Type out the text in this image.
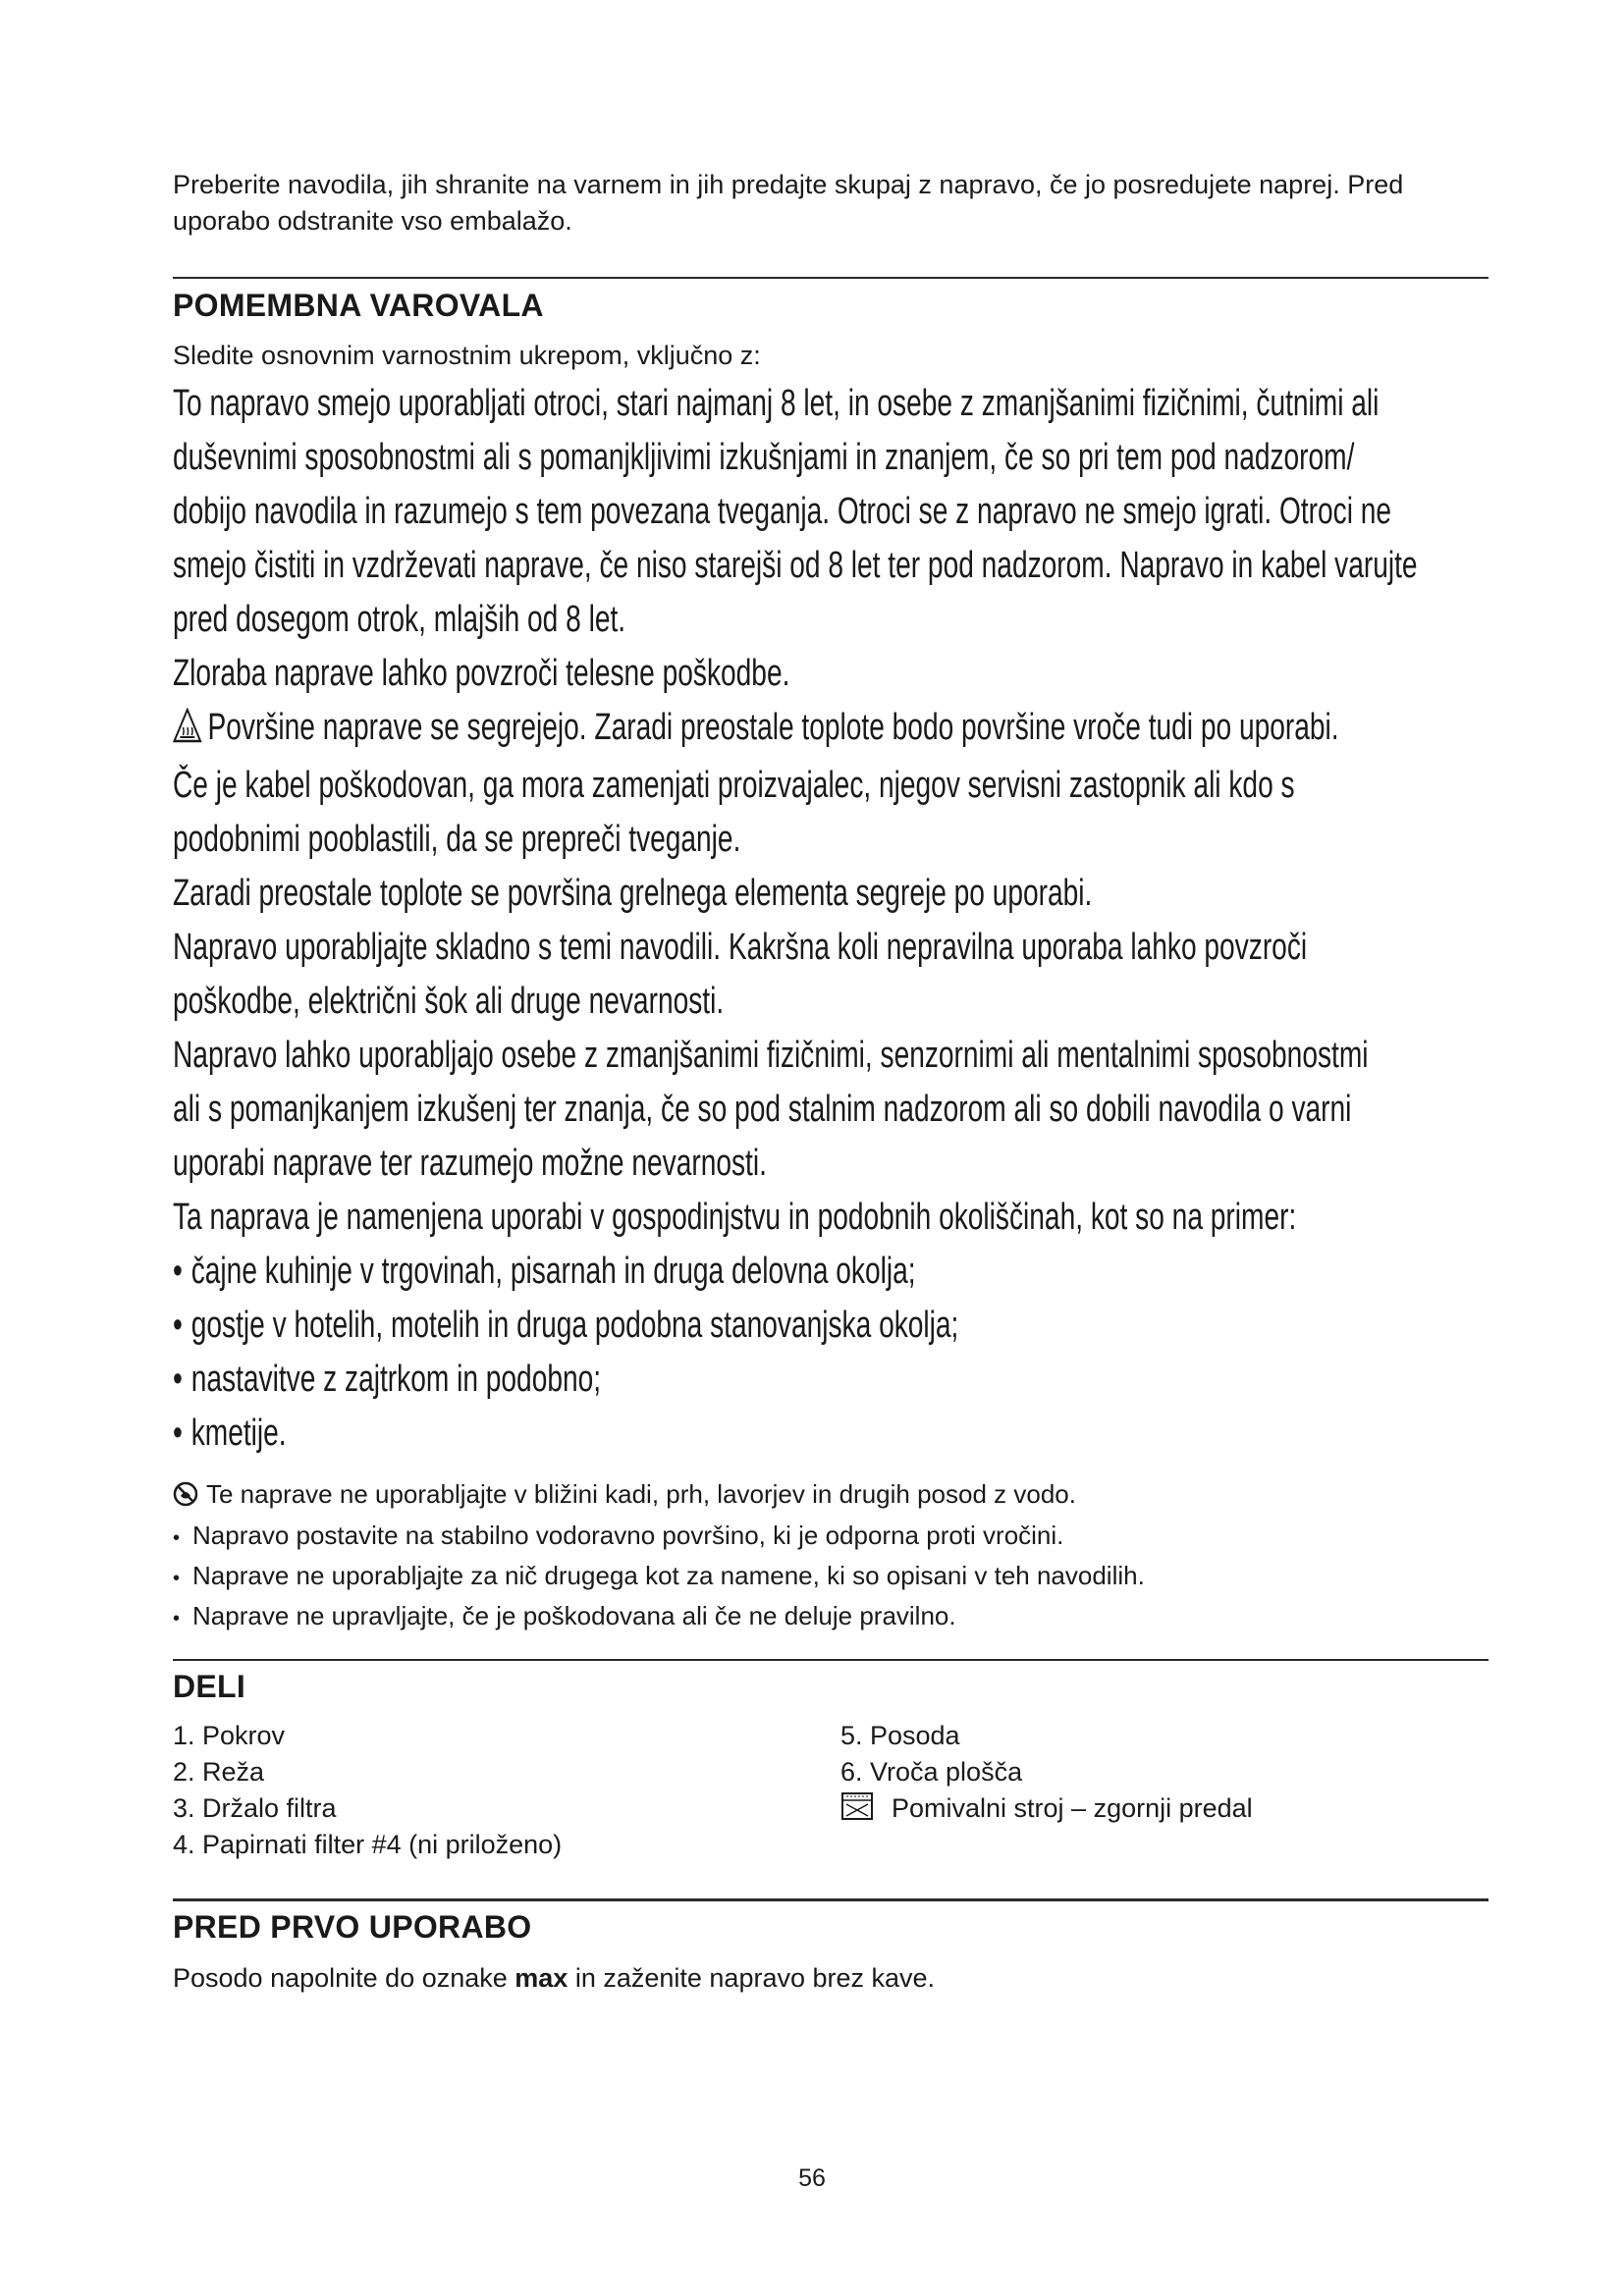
Preberite navodila, jih shranite na varnem in jih predajte skupaj z napravo, če jo posredujete naprej. Pred uporabo odstranite vso embalažo.
POMEMBNA VAROVALA
Sledite osnovnim varnostnim ukrepom, vključno z:

To napravo smejo uporabljati otroci, stari najmanj 8 let, in osebe z zmanjšanimi fizičnimi, čutnimi ali

duševnimi sposobnostmi ali s pomanjkljivimi izkušnjami in znanjem, če so pri tem pod nadzorom/

dobijo navodila in razumejo s tem povezana tveganja. Otroci se z napravo ne smejo igrati. Otroci ne

smejo čistiti in vzdrževati naprave, če niso starejši od 8 let ter pod nadzorom. Napravo in kabel varujte

pred dosegom otrok, mlajših od 8 let.

Zloraba naprave lahko povzroči telesne poškodbe.

Površine naprave se segrejejo. Zaradi preostale toplote bodo površine vroče tudi po uporabi.

Če je kabel poškodovan, ga mora zamenjati proizvajalec, njegov servisni zastopnik ali kdo s

podobnimi pooblastili, da se prepreči tveganje.

Zaradi preostale toplote se površina grelnega elementa segreje po uporabi.

Napravo uporabljajte skladno s temi navodili. Kakršna koli nepravilna uporaba lahko povzroči

poškodbe, električni šok ali druge nevarnosti.

Napravo lahko uporabljajo osebe z zmanjšanimi fizičnimi, senzornimi ali mentalnimi sposobnostmi

ali s pomanjkanjem izkušenj ter znanja, če so pod stalnim nadzorom ali so dobili navodila o varni

uporabi naprave ter razumejo možne nevarnosti.

Ta naprava je namenjena uporabi v gospodinjstvu in podobnih okoliščinah, kot so na primer:

• čajne kuhinje v trgovinah, pisarnah in druga delovna okolja;

• gostje v hotelih, motelih in druga podobna stanovanjska okolja;

• nastavitve z zajtrkom in podobno;

• kmetije.

Te naprave ne uporabljajte v bližini kadi, prh, lavorjev in drugih posod z vodo.

• Napravo postavite na stabilno vodoravno površino, ki je odporna proti vročini.

• Naprave ne uporabljajte za nič drugega kot za namene, ki so opisani v teh navodilih.

• Naprave ne upravljajte, če je poškodovana ali če ne deluje pravilno.

DELI
1. Pokrov
2. Reža
3. Držalo filtra
4. Papirnati filter #4 (ni priloženo)
5. Posoda
6. Vroča plošča
Pomivalni stroj – zgornji predal
PRED PRVO UPORABO
Posodo napolnite do oznake max in zaženite napravo brez kave.
56
